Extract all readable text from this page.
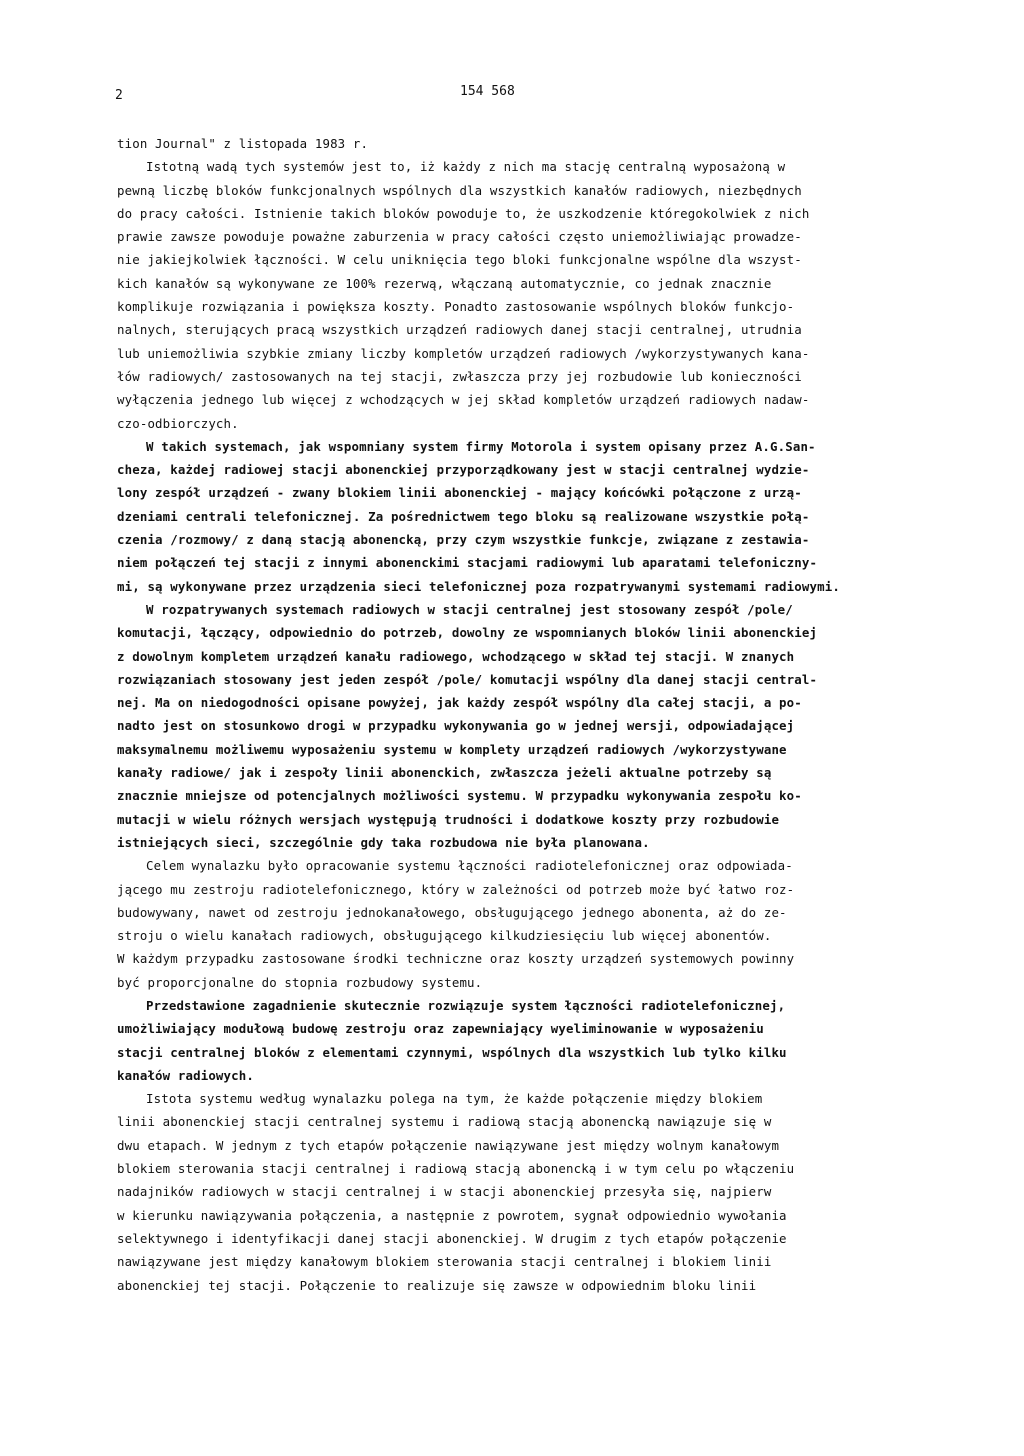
2	154 568
tion Journal" z listopada 1983 r.
Istotną wadą tych systemów jest to, iż każdy z nich ma stację centralną wyposażoną w
pewną liczbę bloków funkcjonalnych wspólnych dla wszystkich kanałów radiowych, niezbędnych
do pracy całości. Istnienie takich bloków powoduje to, że uszkodzenie któregokolwiek z nich
prawie zawsze powoduje poważne zaburzenia w pracy całości często uniemożliwiając prowadze-
nie jakiejkolwiek łączności. W celu uniknięcia tego bloki funkcjonalne wspólne dla wszyst-
kich kanałów są wykonywane ze 100% rezerwą, włączaną automatycznie, co jednak znacznie
komplikuje rozwiązania i powiększa koszty. Ponadto zastosowanie wspólnych bloków funkcjo-
nalnych, sterujących pracą wszystkich urządzeń radiowych danej stacji centralnej, utrudnia
lub uniemożliwia szybkie zmiany liczby kompletów urządzeń radiowych /wykorzystywanych kana-
łów radiowych/ zastosowanych na tej stacji, zwłaszcza przy jej rozbudowie lub konieczności
wyłączenia jednego lub więcej z wchodzących w jej skład kompletów urządzeń radiowych nadaw-
czo-odbiorczych.
W takich systemach, jak wspomniany system firmy Motorola i system opisany przez A.G.San-
cheza, każdej radiowej stacji abonenckiej przyporządkowany jest w stacji centralnej wydzie-
lony zespół urządzeń - zwany blokiem linii abonenckiej - mający końcówki połączone z urzą-
dzeniami centrali telefonicznej. Za pośrednictwem tego bloku są realizowane wszystkie połą-
czenia /rozmowy/ z daną stacją abonencką, przy czym wszystkie funkcje, związane z zestawia-
niem połączeń tej stacji z innymi abonenckimi stacjami radiowymi lub aparatami telefoniczny-
mi, są wykonywane przez urządzenia sieci telefonicznej poza rozpatrywanymi systemami radiowymi.
W rozpatrywanych systemach radiowych w stacji centralnej jest stosowany zespół /pole/
komutacji, łączący, odpowiednio do potrzeb, dowolny ze wspomnianych bloków linii abonenckiej
z dowolnym kompletem urządzeń kanału radiowego, wchodzącego w skład tej stacji. W znanych
rozwiązaniach stosowany jest jeden zespół /pole/ komutacji wspólny dla danej stacji central-
nej. Ma on niedogodności opisane powyżej, jak każdy zespół wspólny dla całej stacji, a po-
nadto jest on stosunkowo drogi w przypadku wykonywania go w jednej wersji, odpowiadającej
maksymalnemu możliwemu wyposażeniu systemu w komplety urządzeń radiowych /wykorzystywane
kanały radiowe/ jak i zespoły linii abonenckich, zwłaszcza jeżeli aktualne potrzeby są
znacznie mniejsze od potencjalnych możliwości systemu. W przypadku wykonywania zespołu ko-
mutacji w wielu różnych wersjach występują trudności i dodatkowe koszty przy rozbudowie
istniejących sieci, szczególnie gdy taka rozbudowa nie była planowana.
Celem wynalazku było opracowanie systemu łączności radiotelefonicznej oraz odpowiada-
jącego mu zestroju radiotelefonicznego, który w zależności od potrzeb może być łatwo roz-
budowywany, nawet od zestroju jednokanałowego, obsługującego jednego abonenta, aż do ze-
stroju o wielu kanałach radiowych, obsługującego kilkudziesięciu lub więcej abonentów.
W każdym przypadku zastosowane środki techniczne oraz koszty urządzeń systemowych powinny
być proporcjonalne do stopnia rozbudowy systemu.
Przedstawione zagadnienie skutecznie rozwiązuje system łączności radiotelefonicznej,
umożliwiający modułową budowę zestroju oraz zapewniający wyeliminowanie w wyposażeniu
stacji centralnej bloków z elementami czynnymi, wspólnych dla wszystkich lub tylko kilku
kanałów radiowych.
Istota systemu według wynalazku polega na tym, że każde połączenie między blokiem
linii abonenckiej stacji centralnej systemu i radiową stacją abonencką nawiązuje się w
dwu etapach. W jednym z tych etapów połączenie nawiązywane jest między wolnym kanałowym
blokiem sterowania stacji centralnej i radiową stacją abonencką i w tym celu po włączeniu
nadajników radiowych w stacji centralnej i w stacji abonenckiej przesyła się, najpierw
w kierunku nawiązywania połączenia, a następnie z powrotem, sygnał odpowiednio wywołania
selektywnego i identyfikacji danej stacji abonenckiej. W drugim z tych etapów połączenie
nawiązywane jest między kanałowym blokiem sterowania stacji centralnej i blokiem linii
abonenckiej tej stacji. Połączenie to realizuje się zawsze w odpowiednim bloku linii
